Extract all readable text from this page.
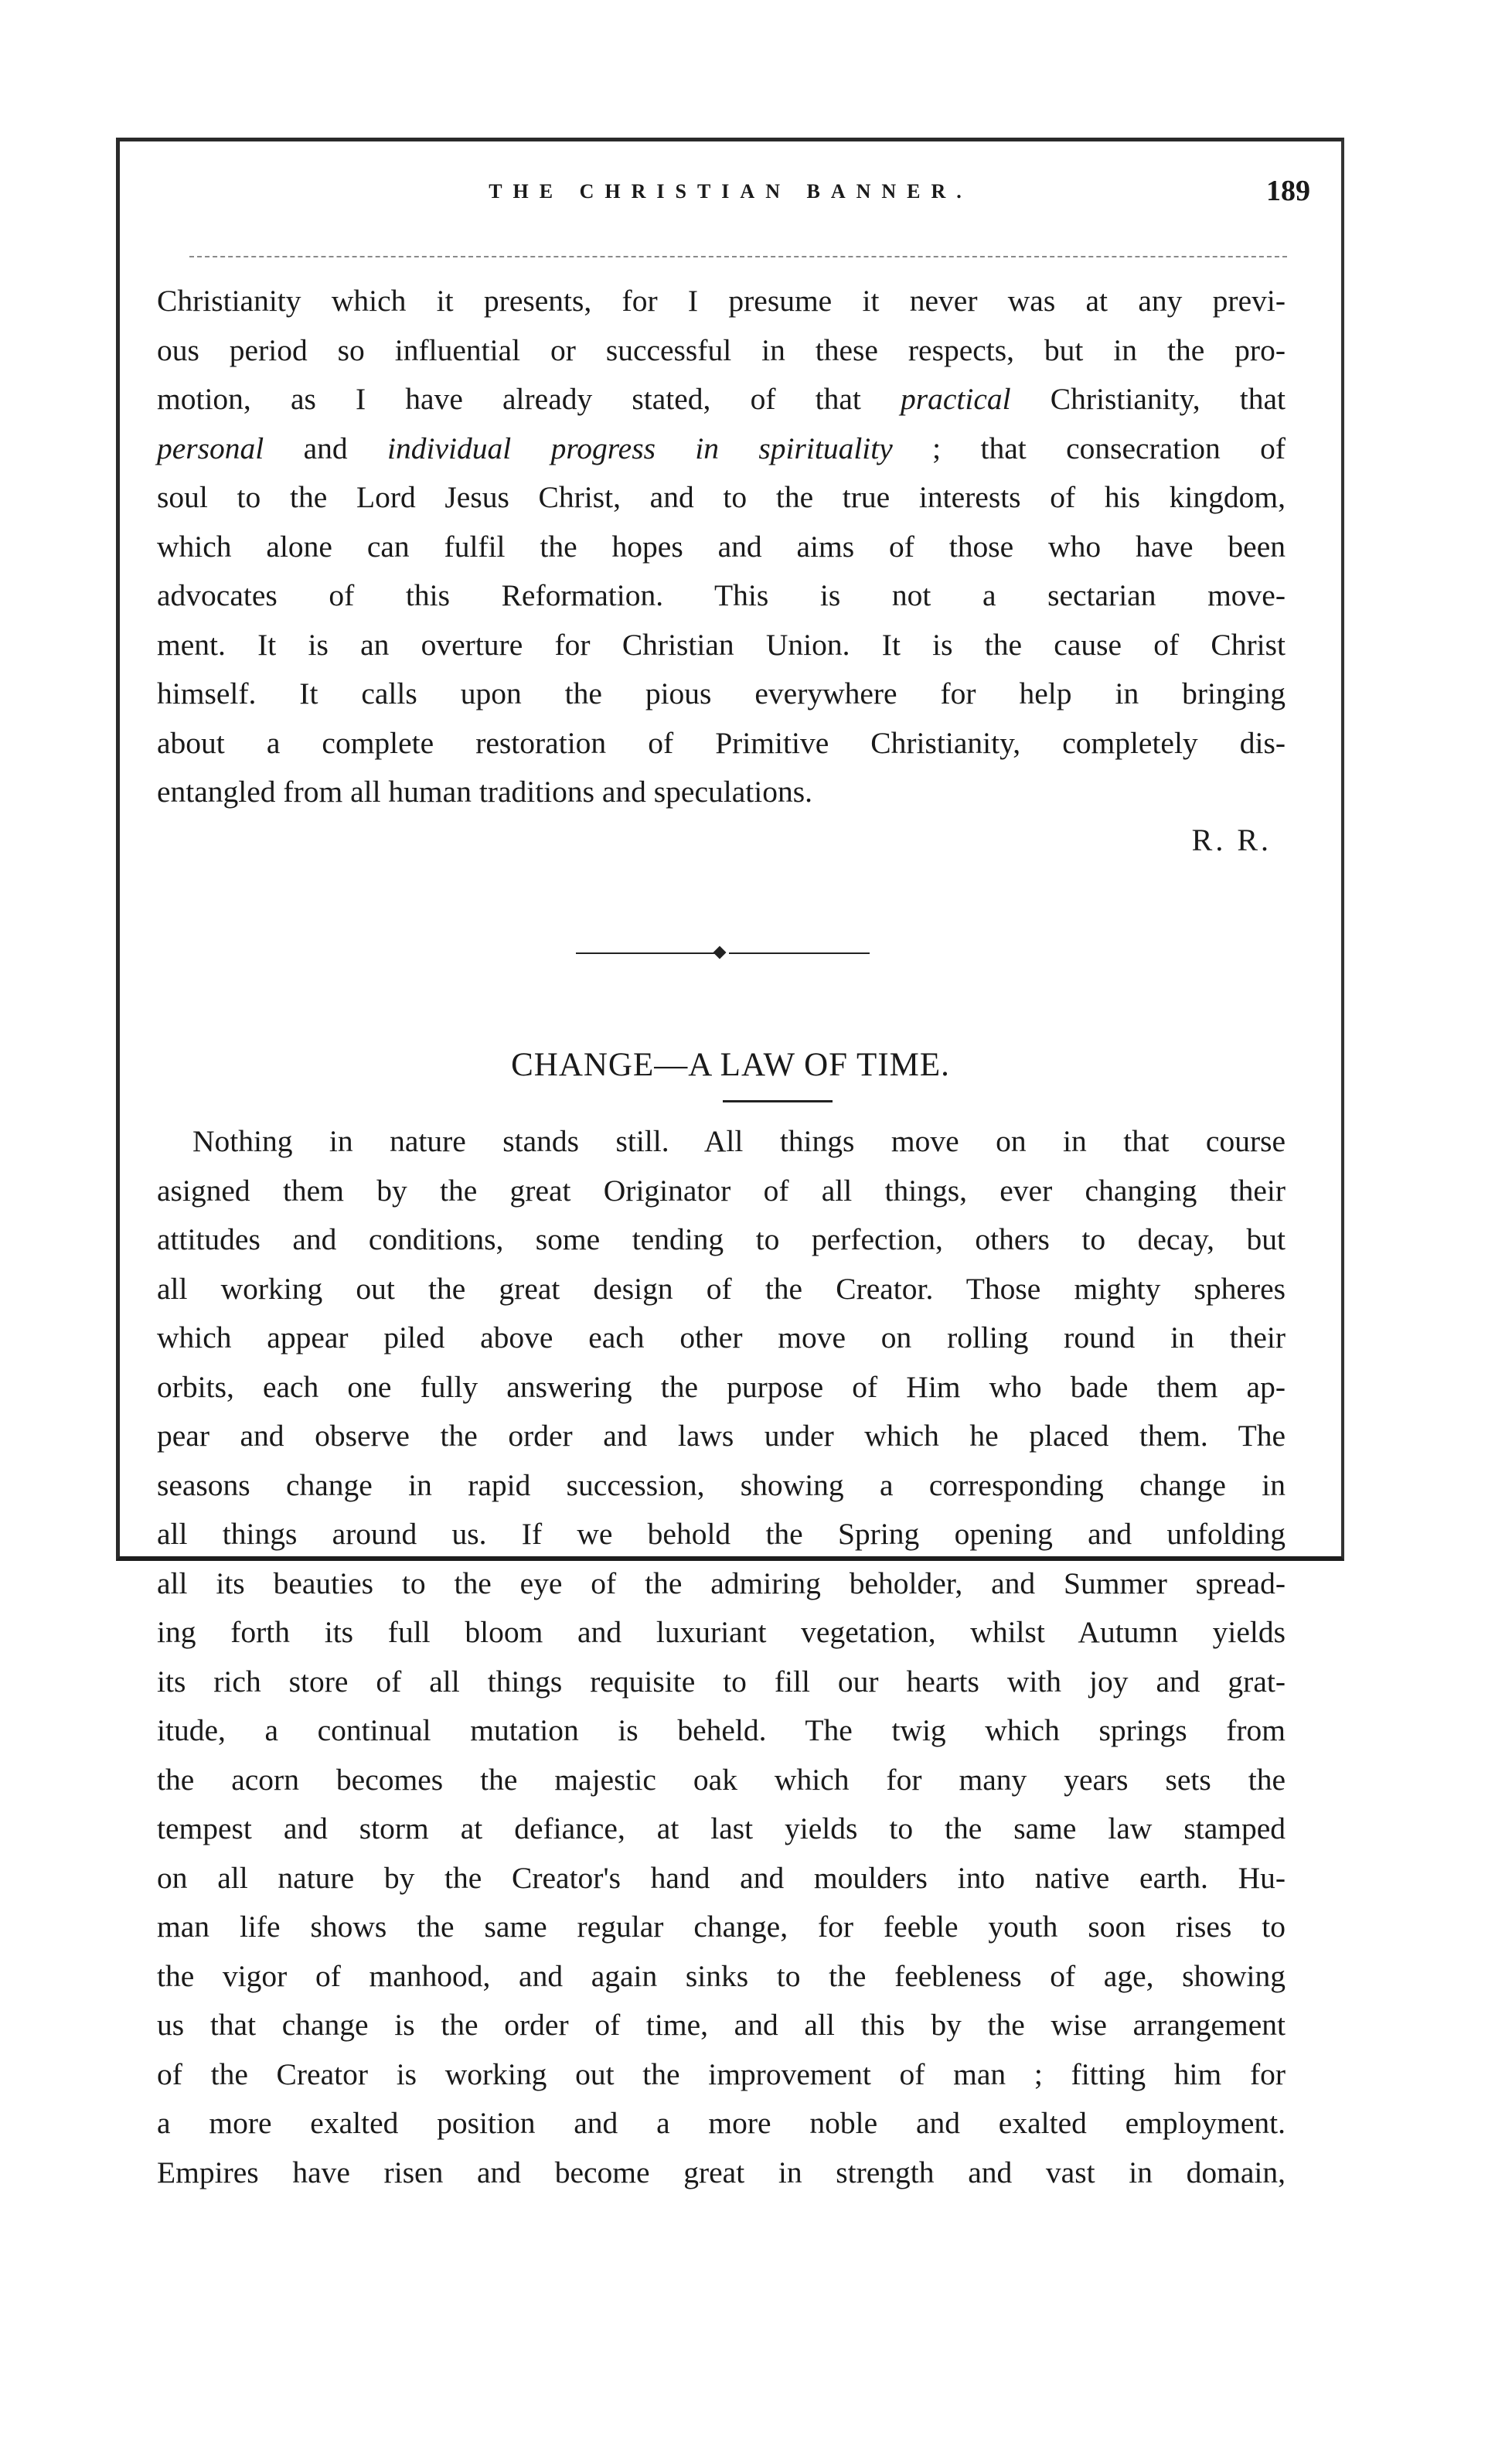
THE CHRISTIAN BANNER.	189
Christianity which it presents, for I presume it never was at any previ-
ous period so influential or successful in these respects, but in the pro-
motion, as I have already stated, of that practical Christianity, that
personal and individual progress in spirituality ; that consecration of
soul to the Lord Jesus Christ, and to the true interests of his kingdom,
which alone can fulfil the hopes and aims of those who have been
advocates of this Reformation. This is not a sectarian move-
ment. It is an overture for Christian Union. It is the cause of Christ
himself. It calls upon the pious everywhere for help in bringing
about a complete restoration of Primitive Christianity, completely dis-
entangled from all human traditions and speculations.
R. R.
CHANGE—A LAW OF TIME.
Nothing in nature stands still. All things move on in that course
asigned them by the great Originator of all things, ever changing their
attitudes and conditions, some tending to perfection, others to decay, but
all working out the great design of the Creator. Those mighty spheres
which appear piled above each other move on rolling round in their
orbits, each one fully answering the purpose of Him who bade them ap-
pear and observe the order and laws under which he placed them. The
seasons change in rapid succession, showing a corresponding change in
all things around us. If we behold the Spring opening and unfolding
all its beauties to the eye of the admiring beholder, and Summer spread-
ing forth its full bloom and luxuriant vegetation, whilst Autumn yields
its rich store of all things requisite to fill our hearts with joy and grat-
itude, a continual mutation is beheld. The twig which springs from
the acorn becomes the majestic oak which for many years sets the
tempest and storm at defiance, at last yields to the same law stamped
on all nature by the Creator's hand and moulders into native earth. Hu-
man life shows the same regular change, for feeble youth soon rises to
the vigor of manhood, and again sinks to the feebleness of age, showing
us that change is the order of time, and all this by the wise arrangement
of the Creator is working out the improvement of man ; fitting him for
a more exalted position and a more noble and exalted employment.
Empires have risen and become great in strength and vast in domain,
